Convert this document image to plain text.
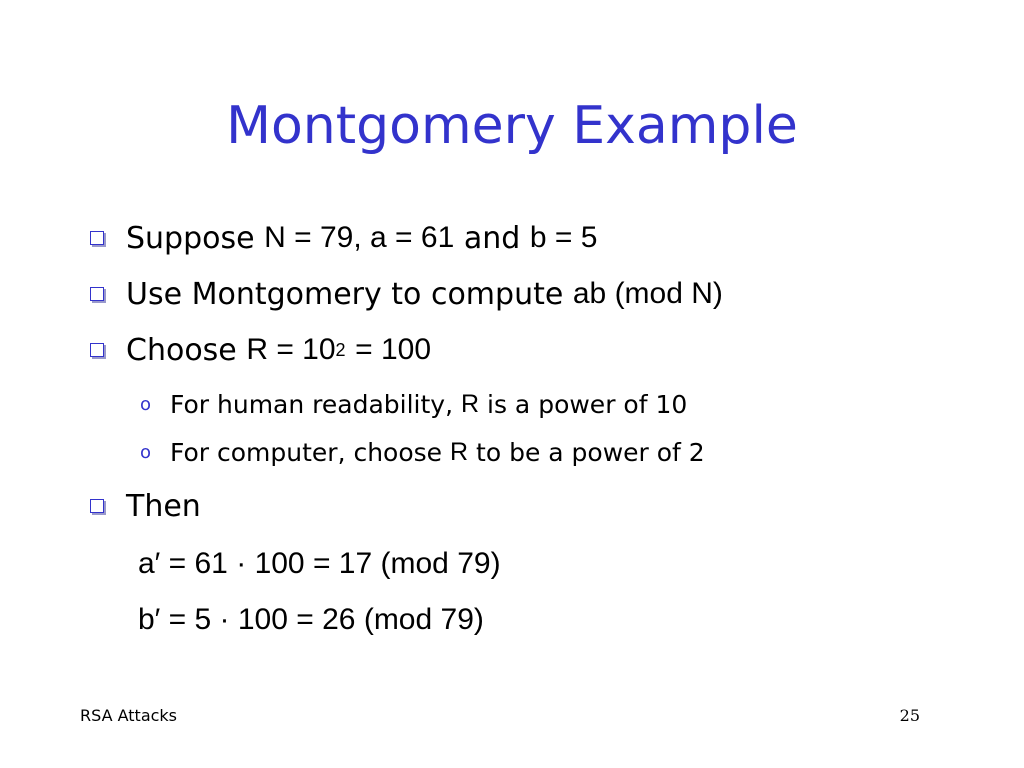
Montgomery Example
Suppose
N = 79, a = 61
and
b = 5
Use Montgomery to compute
ab (mod N)
Choose
R = 10 2
= 100
o For human readability,
R
is a power of 10
o For computer, choose
R
to be a power of 2
Then
a′ = 61
·
100 = 17 (mod 79)
b′ = 5
·
100 = 26 (mod 79)
RSA Attacks	25
